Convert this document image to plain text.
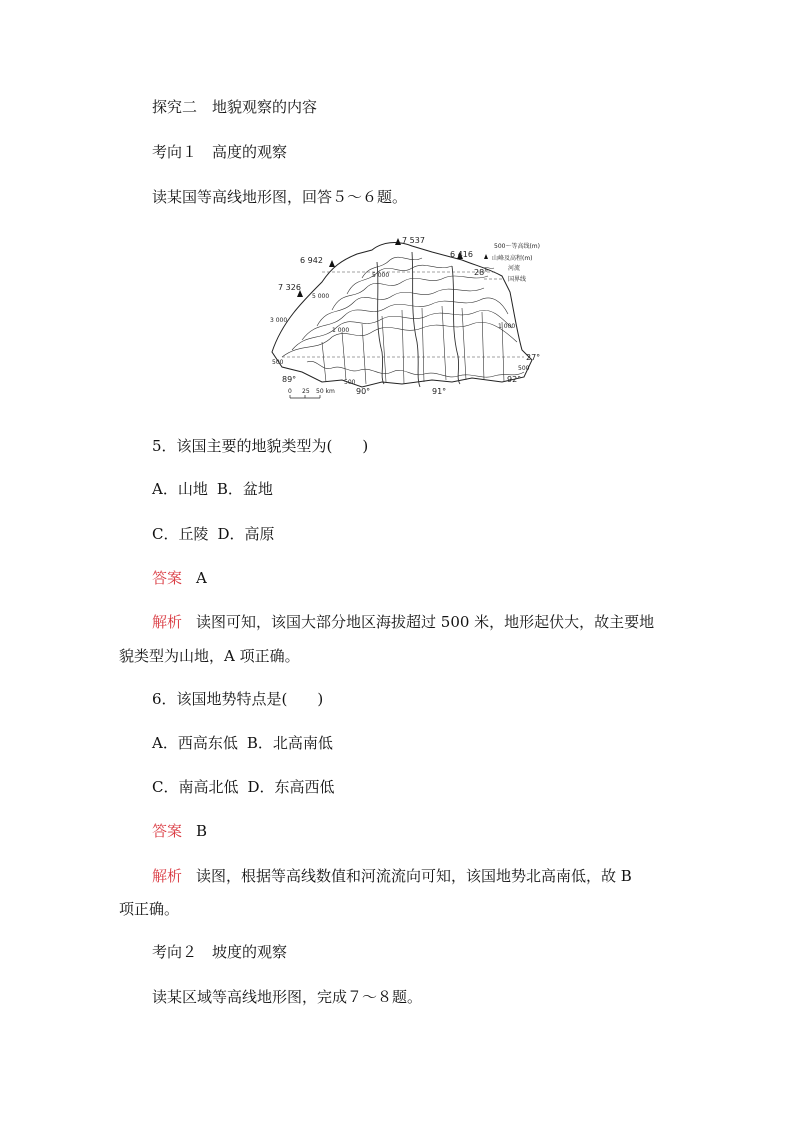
探究二　地貌观察的内容
考向１　高度的观察
读某国等高线地形图，回答５～６题。
7 537
6 942
6 416
7 326
5 000
5 000
3 000
1 000
1 000
500
500
500
28°
27°
89°
90°	91°
92°
500～等高线(m)
山峰及高程(m)
河流
国界线
0 25 50 km
5．该国主要的地貌类型为(　　)
A．山地 B．盆地
C．丘陵 D．高原
答案 A
解析 读图可知，该国大部分地区海拔超过 500 米，地形起伏大，故主要地
貌类型为山地，A 项正确。
6．该国地势特点是(　　)
A．西高东低 B．北高南低
C．南高北低 D．东高西低
答案 B
解析 读图，根据等高线数值和河流流向可知，该国地势北高南低，故 B
项正确。
考向２　坡度的观察
读某区域等高线地形图，完成７～８题。
